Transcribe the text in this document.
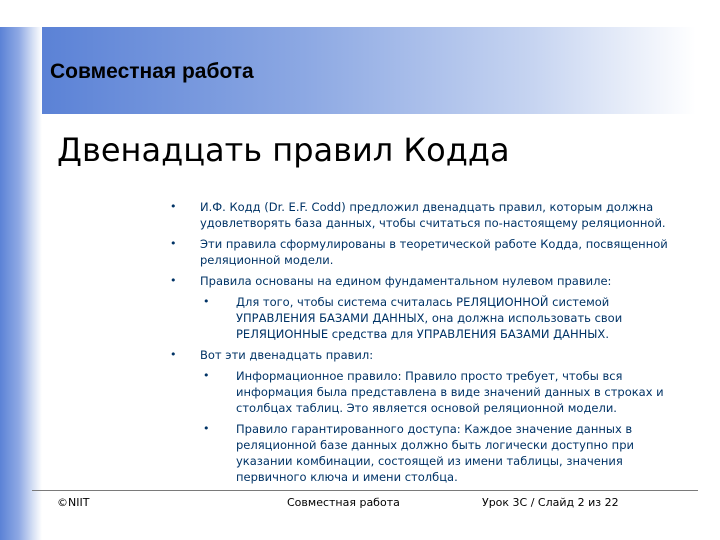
Совместная работа
Двенадцать правил Кодда
• И.Ф. Кодд (Dr. E.F. Codd) предложил двенадцать правил, которым должна удовлетворять база данных, чтобы считаться по-настоящему реляционной.
• Эти правила сформулированы в теоретической работе Кодда, посвященной реляционной модели.
• Правила основаны на едином фундаментальном нулевом правиле:
• Для того, чтобы система считалась РЕЛЯЦИОННОЙ системой УПРАВЛЕНИЯ БАЗАМИ ДАННЫХ, она должна использовать свои РЕЛЯЦИОННЫЕ средства для УПРАВЛЕНИЯ БАЗАМИ ДАННЫХ.
• Вот эти двенадцать правил:
• Информационное правило: Правило просто требует, чтобы вся информация была представлена в виде значений данных в строках и столбцах таблиц. Это является основой реляционной модели.
• Правило гарантированного доступа: Каждое значение данных в реляционной базе данных должно быть логически доступно при указании комбинации, состоящей из имени таблицы, значения первичного ключа и имени столбца.
©NIIT	Совместная работа	Урок 3C / Слайд 2 из 22
